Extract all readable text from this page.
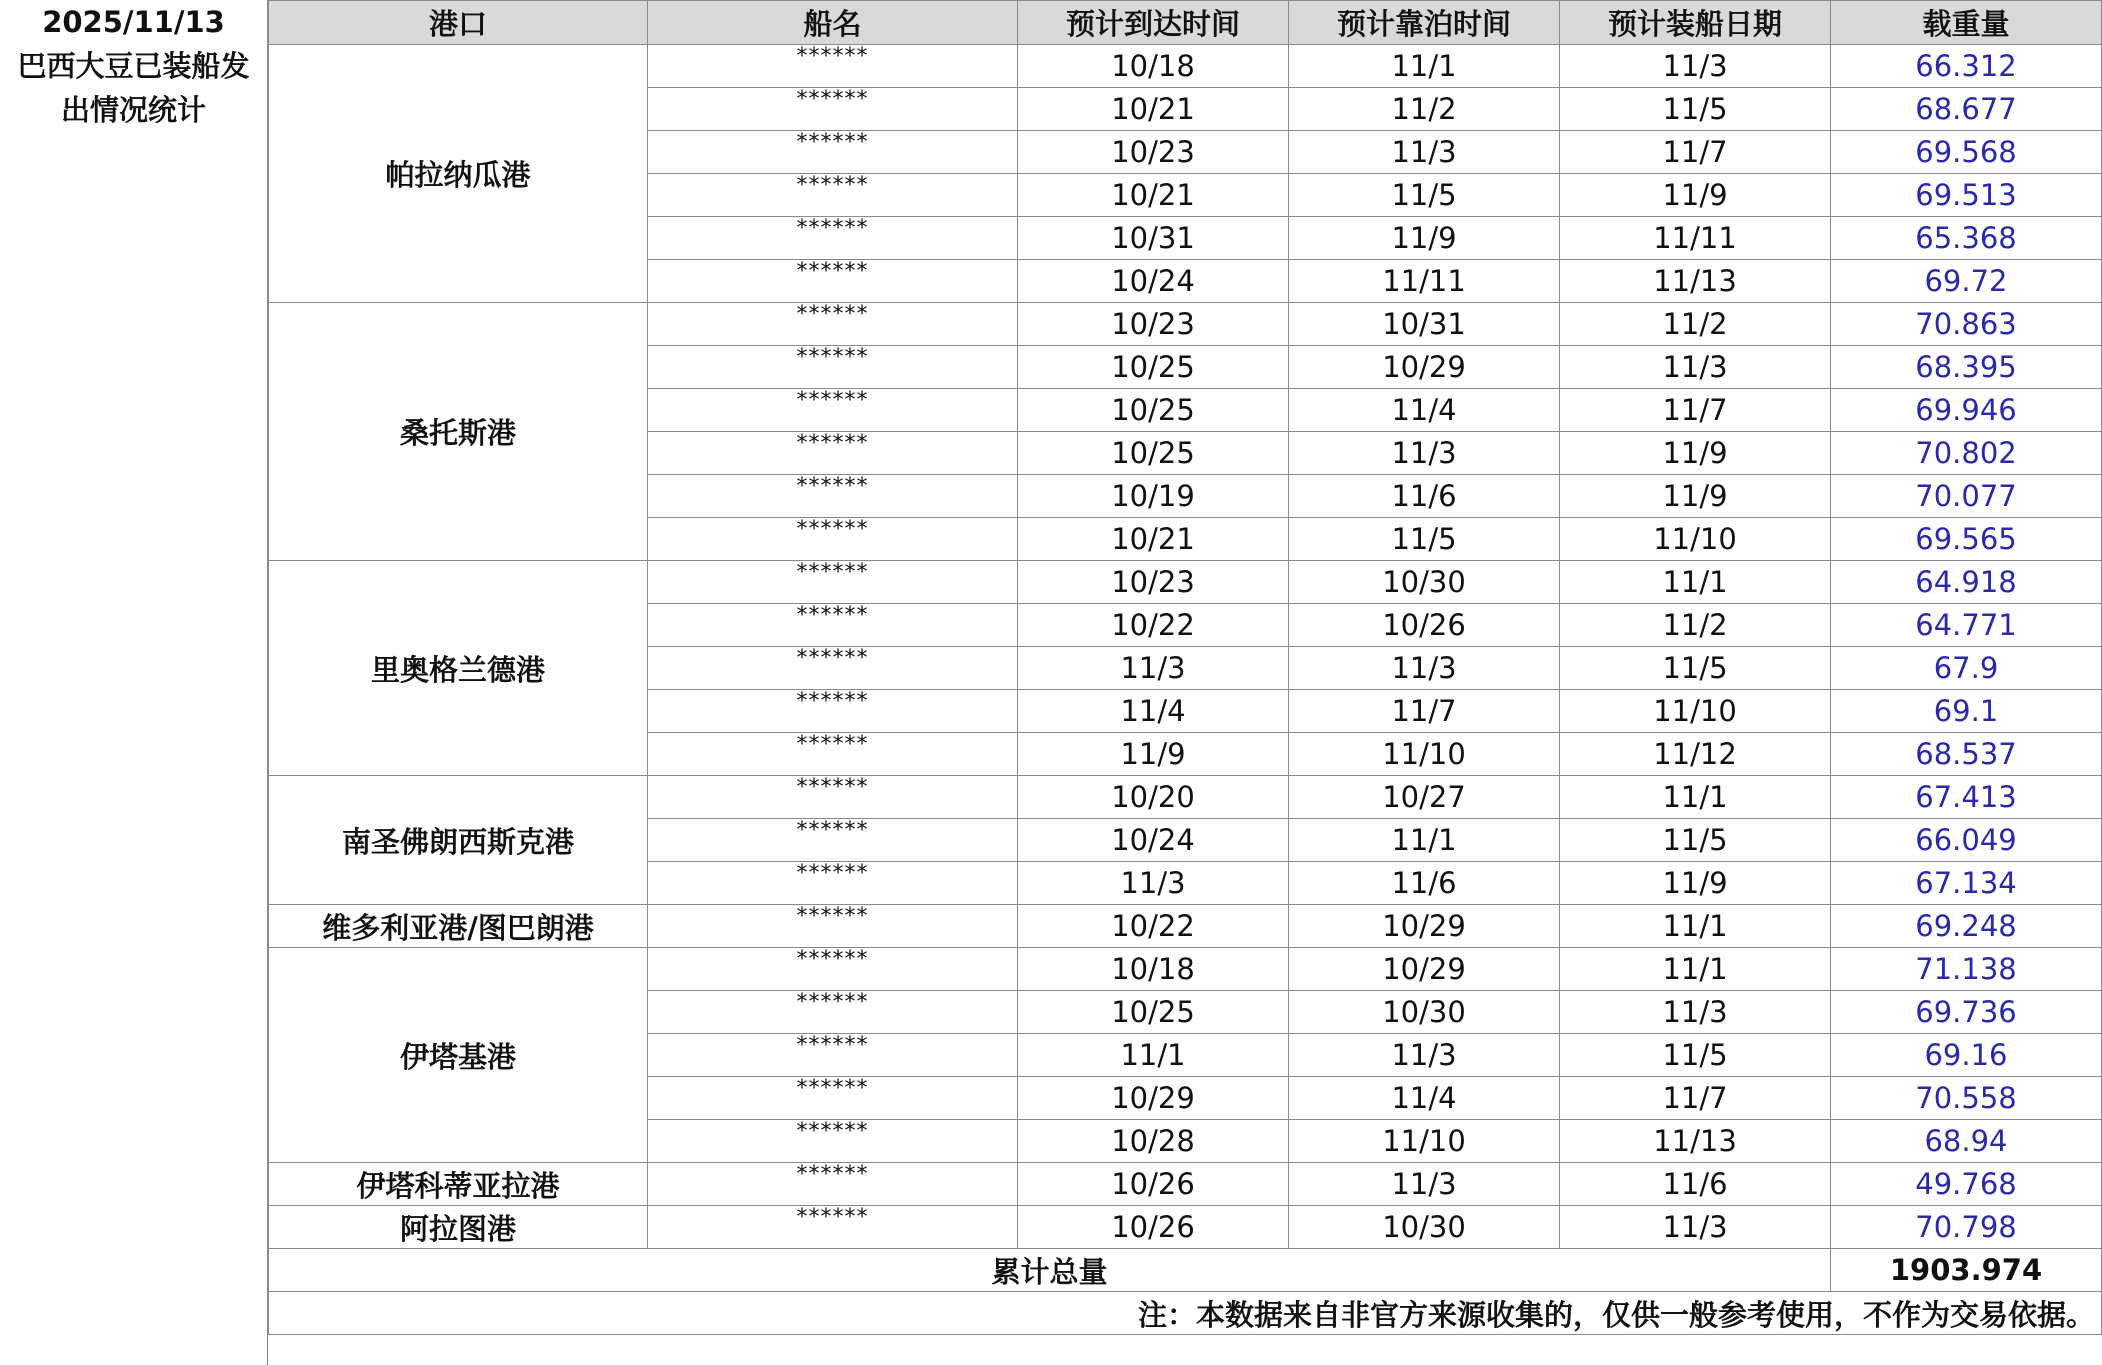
2025/11/13
巴西大豆已装船发
出情况统计
港口	船名	预计到达时间	预计靠泊时间	预计装船日期	载重量
帕拉纳瓜港	******	10/18	11/1	11/3	66.312
	******	10/21	11/2	11/5	68.677
	******	10/23	11/3	11/7	69.568
	******	10/21	11/5	11/9	69.513
	******	10/31	11/9	11/11	65.368
	******	10/24	11/11	11/13	69.72
桑托斯港	******	10/23	10/31	11/2	70.863
	******	10/25	10/29	11/3	68.395
	******	10/25	11/4	11/7	69.946
	******	10/25	11/3	11/9	70.802
	******	10/19	11/6	11/9	70.077
	******	10/21	11/5	11/10	69.565
里奥格兰德港	******	10/23	10/30	11/1	64.918
	******	10/22	10/26	11/2	64.771
	******	11/3	11/3	11/5	67.9
	******	11/4	11/7	11/10	69.1
	******	11/9	11/10	11/12	68.537
南圣佛朗西斯克港	******	10/20	10/27	11/1	67.413
	******	10/24	11/1	11/5	66.049
	******	11/3	11/6	11/9	67.134
维多利亚港/图巴朗港	******	10/22	10/29	11/1	69.248
伊塔基港	******	10/18	10/29	11/1	71.138
	******	10/25	10/30	11/3	69.736
	******	11/1	11/3	11/5	69.16
	******	10/29	11/4	11/7	70.558
	******	10/28	11/10	11/13	68.94
伊塔科蒂亚拉港	******	10/26	11/3	11/6	49.768
阿拉图港	******	10/26	10/30	11/3	70.798
累计总量					1903.974
注：本数据来自非官方来源收集的，仅供一般参考使用，不作为交易依据。					
